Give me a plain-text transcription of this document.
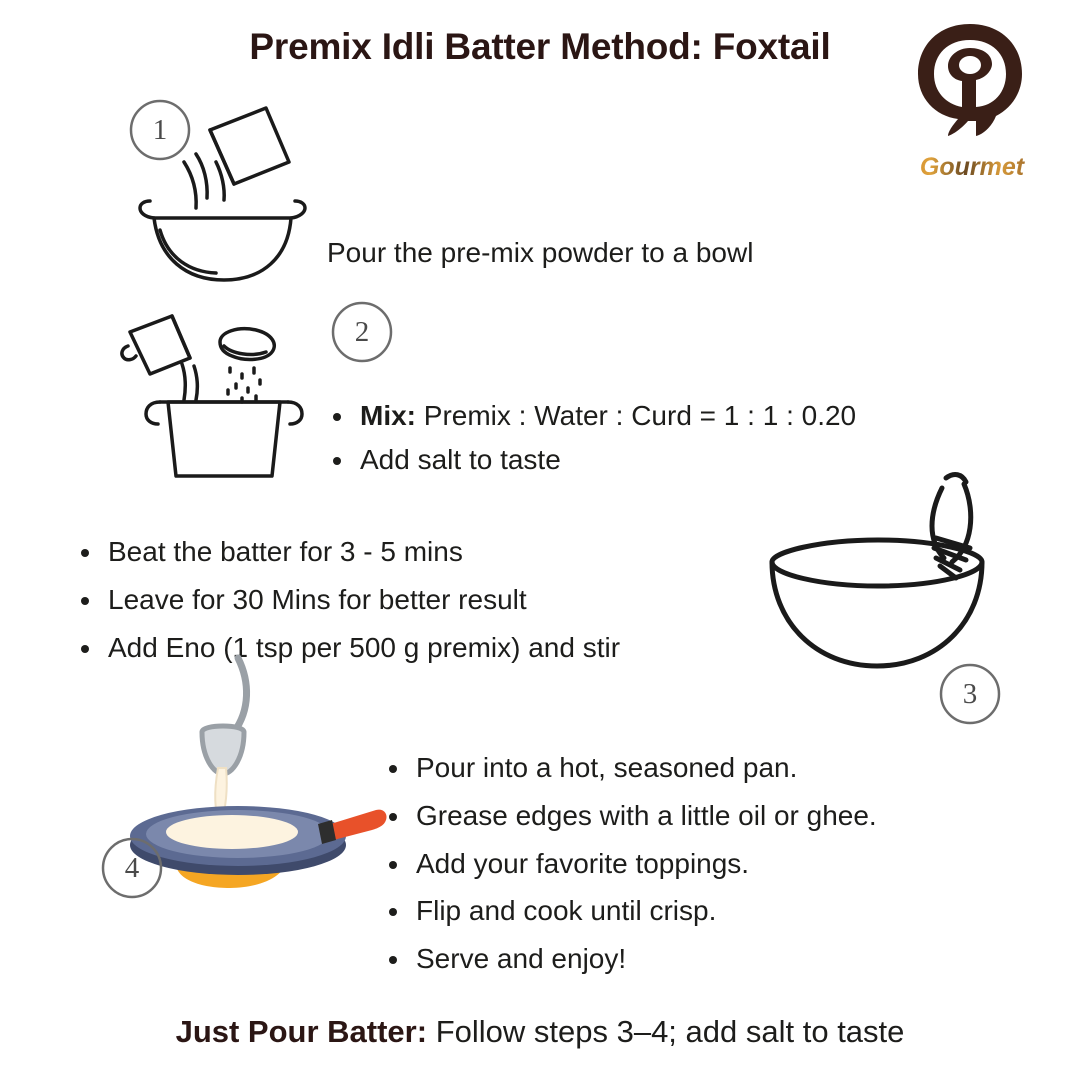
Premix Idli Batter Method: Foxtail
Gourmet
1
Pour the pre-mix powder to a bowl
2
• Mix: Premix : Water : Curd = 1 : 1 : 0.20
• Add salt to taste
• Beat the batter for 3 - 5 mins
• Leave for 30 Mins for better result
• Add Eno (1 tsp per 500 g premix) and stir
3
4
• Pour into a hot, seasoned pan.
• Grease edges with a little oil or ghee.
• Add your favorite toppings.
• Flip and cook until crisp.
• Serve and enjoy!
Just Pour Batter: Follow steps 3–4; add salt to taste
